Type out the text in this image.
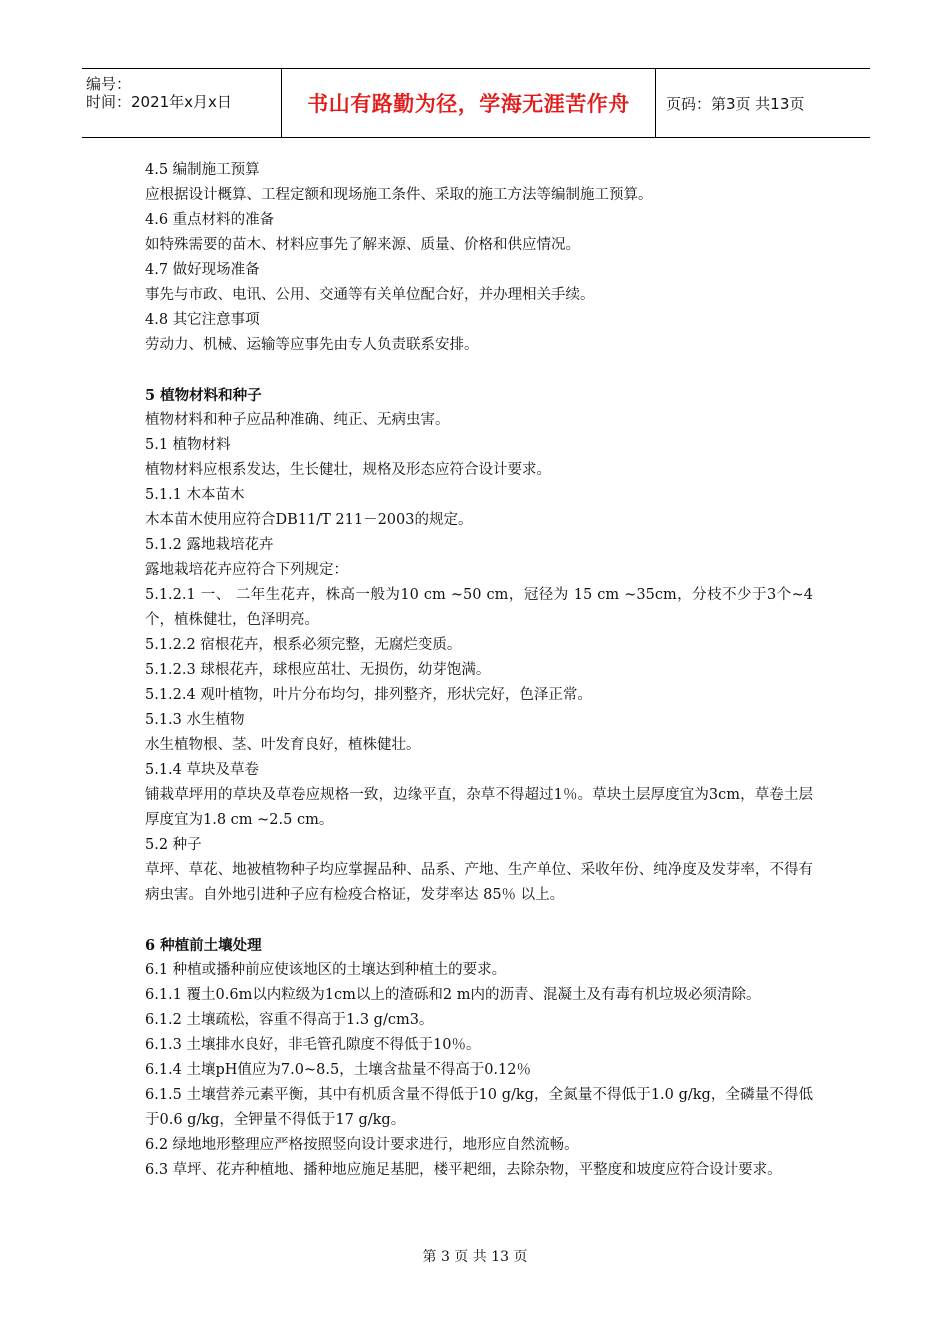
编号：
时间：2021年x月x日	书山有路勤为径，学海无涯苦作舟 页码：第3页 共13页
4.5 编制施工预算
应根据设计概算、工程定额和现场施工条件、采取的施工方法等编制施工预算。
4.6 重点材料的准备
如特殊需要的苗木、材料应事先了解来源、质量、价格和供应情况。
4.7 做好现场准备
事先与市政、电讯、公用、交通等有关单位配合好，并办理相关手续。
4.8 其它注意事项
劳动力、机械、运输等应事先由专人负责联系安排。
5 植物材料和种子
植物材料和种子应品种准确、纯正、无病虫害。
5.1 植物材料
植物材料应根系发达，生长健壮，规格及形态应符合设计要求。
5.1.1 木本苗木
木本苗木使用应符合DB11/T 211－2003的规定。
5.1.2 露地栽培花卉
露地栽培花卉应符合下列规定：
5.1.2.1 一、 二年生花卉，株高一般为10 cm ~50 cm，冠径为 15 cm ~35cm，分枝不少于3个~4个，植株健壮，色泽明亮。
5.1.2.2 宿根花卉，根系必须完整，无腐烂变质。
5.1.2.3 球根花卉，球根应茁壮、无损伤，幼芽饱满。
5.1.2.4 观叶植物，叶片分布均匀，排列整齐，形状完好，色泽正常。
5.1.3 水生植物
水生植物根、茎、叶发育良好，植株健壮。
5.1.4 草块及草卷
铺栽草坪用的草块及草卷应规格一致，边缘平直，杂草不得超过1％。草块土层厚度宜为3cm，草卷土层厚度宜为1.8 cm ~2.5 cm。
5.2 种子
草坪、草花、地被植物种子均应掌握品种、品系、产地、生产单位、采收年份、纯净度及发芽率，不得有病虫害。自外地引进种子应有检疫合格证，发芽率达 85％ 以上。
6 种植前土壤处理
6.1 种植或播种前应使该地区的土壤达到种植土的要求。
6.1.1 覆土0.6m以内粒级为1cm以上的渣砾和2 m内的沥青、混凝土及有毒有机垃圾必须清除。
6.1.2 土壤疏松，容重不得高于1.3 g/cm3。
6.1.3 土壤排水良好，非毛管孔隙度不得低于10％。
6.1.4 土壤pH值应为7.0~8.5，土壤含盐量不得高于0.12％
6.1.5 土壤营养元素平衡，其中有机质含量不得低于10 g/kg，全氮量不得低于1.0 g/kg，全磷量不得低于0.6 g/kg，全钾量不得低于17 g/kg。
6.2 绿地地形整理应严格按照竖向设计要求进行，地形应自然流畅。
6.3 草坪、花卉种植地、播种地应施足基肥，楼平耙细，去除杂物，平整度和坡度应符合设计要求。
第 3 页 共 13 页
